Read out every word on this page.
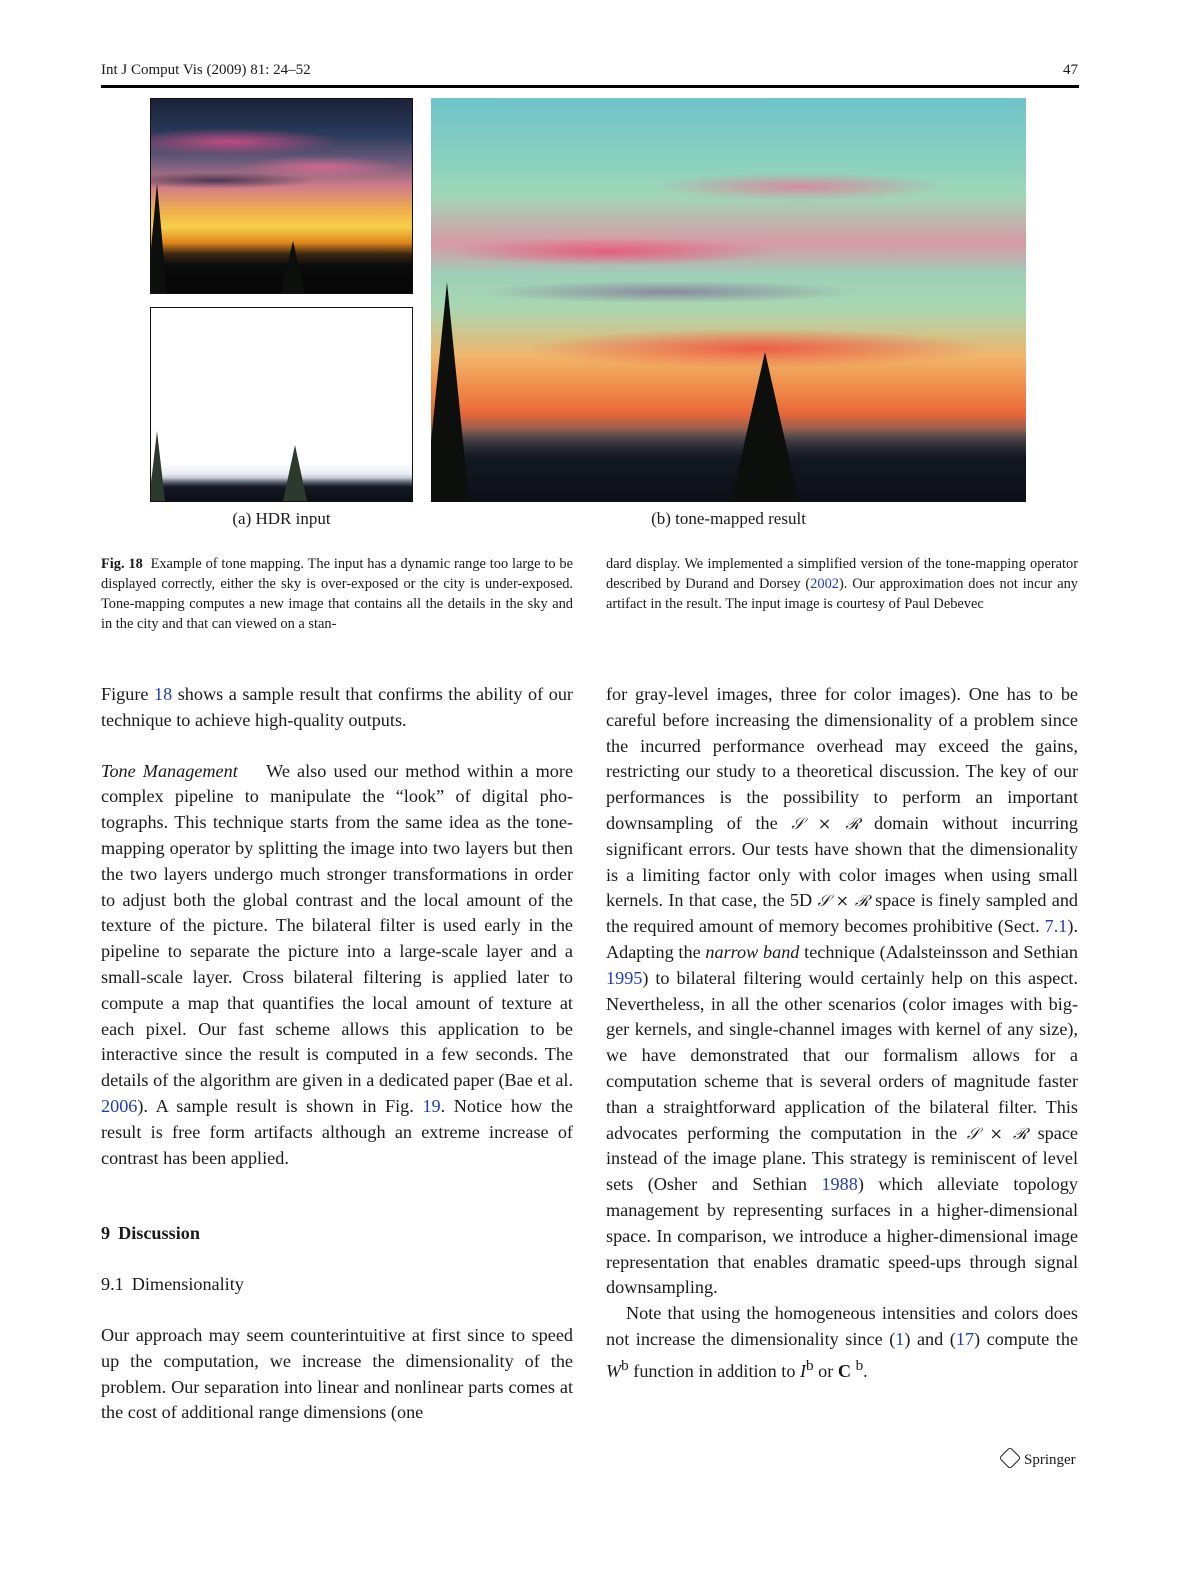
Int J Comput Vis (2009) 81: 24–52	47
(a) HDR input	(b) tone-mapped result
Fig. 18 Example of tone mapping. The input has a dynamic range too large to be displayed correctly, either the sky is over-exposed or the city is under-exposed. Tone-mapping computes a new image that contains all the details in the sky and in the city and that can viewed on a stan-
dard display. We implemented a simplified version of the tone-mapping operator described by Durand and Dorsey (2002). Our approximation does not incur any artifact in the result. The input image is courtesy of Paul Debevec

Figure 18 shows a sample result that confirms the ability of our technique to achieve high-quality outputs.

Tone Management We also used our method within a more complex pipeline to manipulate the “look” of digital photographs. This technique starts from the same idea as the tone-mapping operator by splitting the image into two layers but then the two layers undergo much stronger transformations in order to adjust both the global contrast and the local amount of the texture of the picture. The bilateral filter is used early in the pipeline to separate the picture into a large-scale layer and a small-scale layer. Cross bilateral filtering is applied later to compute a map that quantifies the local amount of texture at each pixel. Our fast scheme allows this application to be interactive since the result is computed in a few seconds. The details of the algorithm are given in a dedicated paper (Bae et al. 2006). A sample result is shown in Fig. 19. Notice how the result is free form artifacts although an extreme increase of contrast has been applied.

9 Discussion
9.1 Dimensionality

Our approach may seem counterintuitive at first since to speed up the computation, we increase the dimensionality of the problem. Our separation into linear and nonlinear parts comes at the cost of additional range dimensions (one

for gray-level images, three for color images). One has to be careful before increasing the dimensionality of a problem since the incurred performance overhead may exceed the gains, restricting our study to a theoretical discussion. The key of our performances is the possibility to perform an important downsampling of the 𝒮 × ℛ domain without incurring significant errors. Our tests have shown that the dimensionality is a limiting factor only with color images when using small kernels. In that case, the 5D 𝒮 × ℛ space is finely sampled and the required amount of memory becomes prohibitive (Sect. 7.1). Adapting the narrow band technique (Adalsteinsson and Sethian 1995) to bilateral filtering would certainly help on this aspect. Nevertheless, in all the other scenarios (color images with bigger kernels, and single-channel images with kernel of any size), we have demonstrated that our formalism allows for a computation scheme that is several orders of magnitude faster than a straightforward application of the bilateral filter. This advocates performing the computation in the 𝒮 × ℛ space instead of the image plane. This strategy is reminiscent of level sets (Osher and Sethian 1988) which alleviate topology management by representing surfaces in a higher-dimensional space. In comparison, we introduce a higher-dimensional image representation that enables dramatic speed-ups through signal downsampling.

Note that using the homogeneous intensities and colors does not increase the dimensionality since (1) and (17) compute the $W^b$ function in addition to $I^b$ or C $^b$.

Springer
